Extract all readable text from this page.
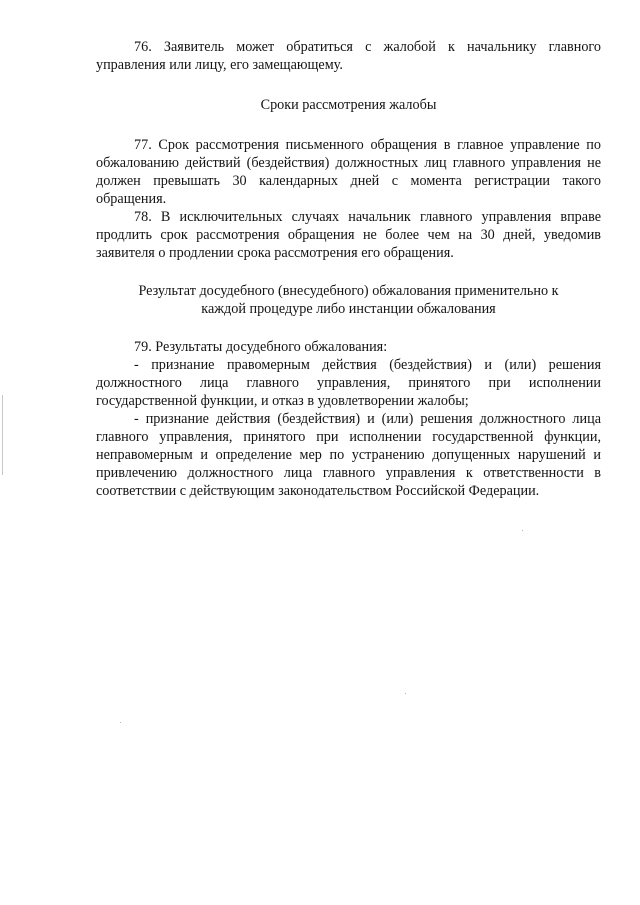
76. Заявитель может обратиться с жалобой к начальнику главного управления или лицу, его замещающему.

Сроки рассмотрения жалобы

77. Срок рассмотрения письменного обращения в главное управление по обжалованию действий (бездействия) должностных лиц главного управления не должен превышать 30 календарных дней с момента регистрации такого обращения.

78. В исключительных случаях начальник главного управления вправе продлить срок рассмотрения обращения не более чем на 30 дней, уведомив заявителя о продлении срока рассмотрения его обращения.

Результат досудебного (внесудебного) обжалования применительно к
каждой процедуре либо инстанции обжалования

79. Результаты досудебного обжалования:

- признание правомерным действия (бездействия) и (или) решения должностного лица главного управления, принятого при исполнении государственной функции, и отказ в удовлетворении жалобы;

- признание действия (бездействия) и (или) решения должностного лица главного управления, принятого при исполнении государственной функции, неправомерным и определение мер по устранению допущенных нарушений и привлечению должностного лица главного управления к ответственности в соответствии с действующим законодательством Российской Федерации.
